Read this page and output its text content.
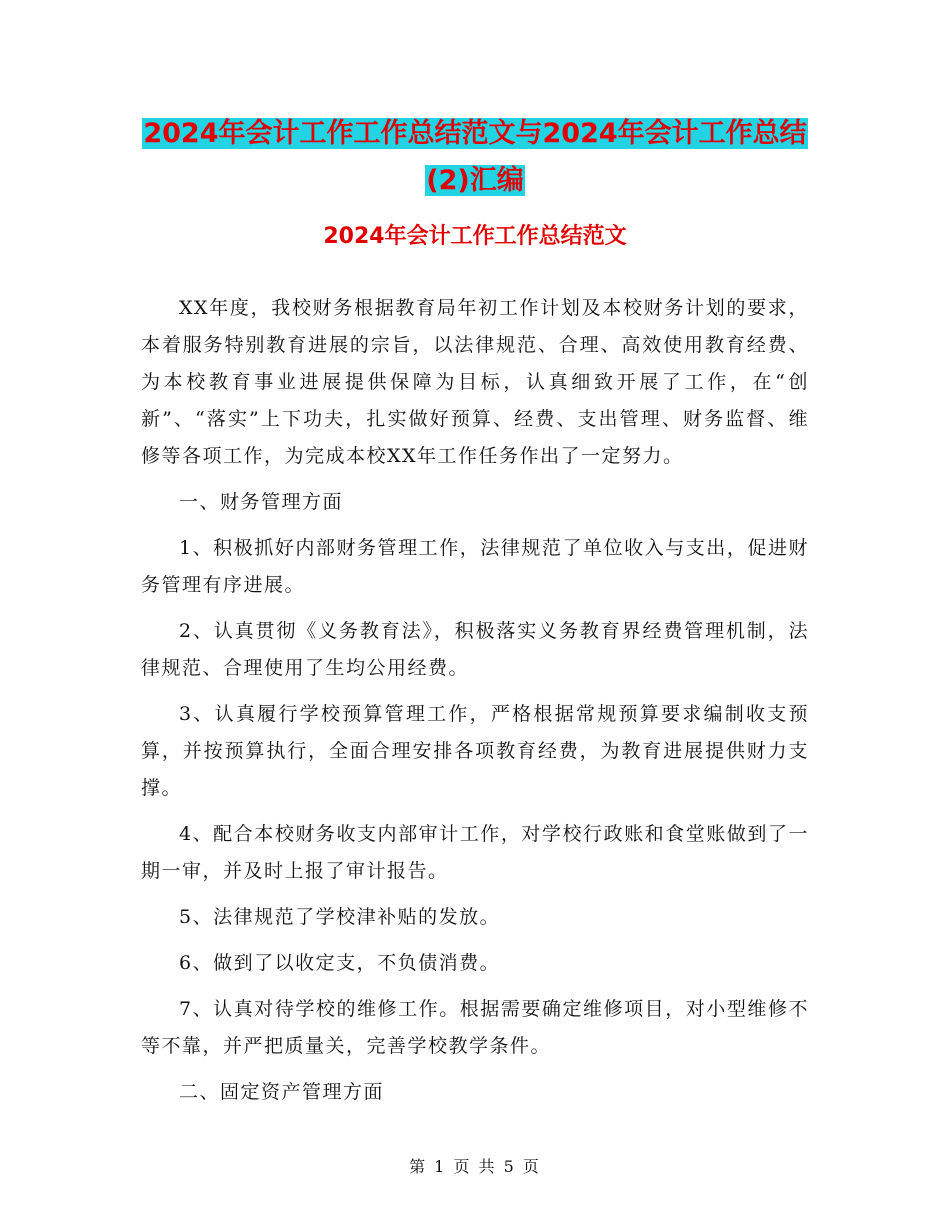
2024年会计工作工作总结范文与2024年会计工作总结
(2)汇编
2024年会计工作工作总结范文

XX年度，我校财务根据教育局年初工作计划及本校财务计划的要求，本着服务特别教育进展的宗旨，以法律规范、合理、高效使用教育经费、为本校教育事业进展提供保障为目标，认真细致开展了工作，在“创新”、“落实”上下功夫，扎实做好预算、经费、支出管理、财务监督、维修等各项工作，为完成本校XX年工作任务作出了一定努力。

一、财务管理方面

1、积极抓好内部财务管理工作，法律规范了单位收入与支出，促进财务管理有序进展。

2、认真贯彻《义务教育法》，积极落实义务教育界经费管理机制，法律规范、合理使用了生均公用经费。

3、认真履行学校预算管理工作，严格根据常规预算要求编制收支预算，并按预算执行，全面合理安排各项教育经费，为教育进展提供财力支撑。

4、配合本校财务收支内部审计工作，对学校行政账和食堂账做到了一期一审，并及时上报了审计报告。

5、法律规范了学校津补贴的发放。

6、做到了以收定支，不负债消费。

7、认真对待学校的维修工作。根据需要确定维修项目，对小型维修不等不靠，并严把质量关，完善学校教学条件。

二、固定资产管理方面

第 1 页 共 5 页
